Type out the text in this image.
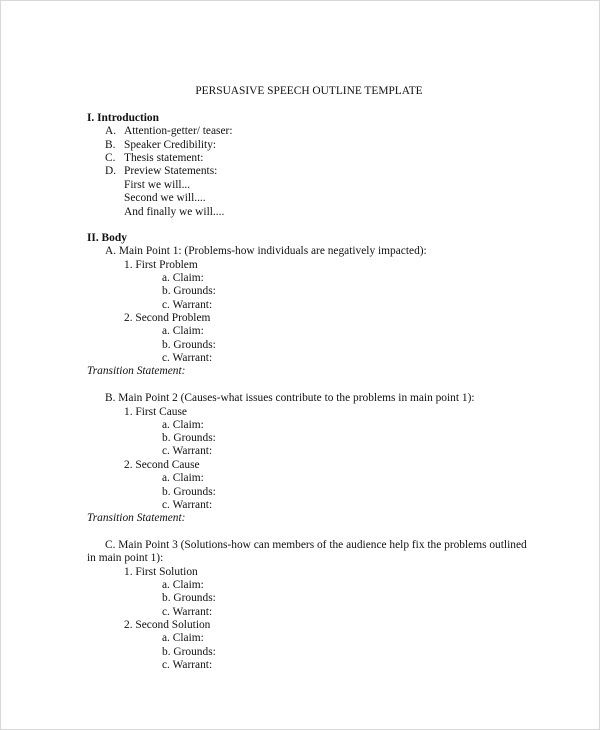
PERSUASIVE SPEECH OUTLINE TEMPLATE
I. Introduction
A. Attention-getter/ teaser:
B. Speaker Credibility:
C. Thesis statement:
D. Preview Statements:
First we will...
Second we will....
And finally we will....
II. Body
A. Main Point 1: (Problems-how individuals are negatively impacted):
1. First Problem
a. Claim:
b. Grounds:
c. Warrant:
2. Second Problem
a. Claim:
b. Grounds:
c. Warrant:
Transition Statement:
B. Main Point 2 (Causes-what issues contribute to the problems in main point 1):
1. First Cause
a. Claim:
b. Grounds:
c. Warrant:
2. Second Cause
a. Claim:
b. Grounds:
c. Warrant:
Transition Statement:
C. Main Point 3 (Solutions-how can members of the audience help fix the problems outlined
in main point 1):
1. First Solution
a. Claim:
b. Grounds:
c. Warrant:
2. Second Solution
a. Claim:
b. Grounds:
c. Warrant:
